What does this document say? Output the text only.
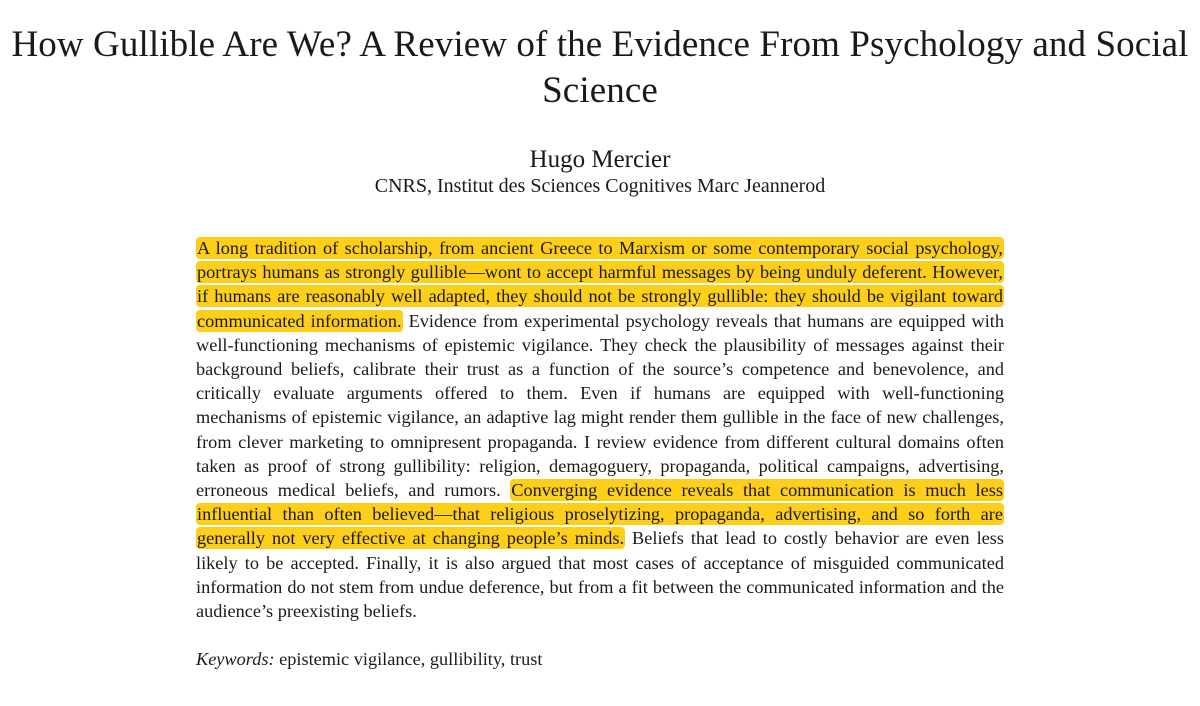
How Gullible Are We? A Review of the Evidence From Psychology and Social Science
Hugo Mercier
CNRS, Institut des Sciences Cognitives Marc Jeannerod

A long tradition of scholarship, from ancient Greece to Marxism or some contemporary social psychology, portrays humans as strongly gullible—wont to accept harmful messages by being unduly deferent. However, if humans are reasonably well adapted, they should not be strongly gullible: they should be vigilant toward communicated information. Evidence from experimental psychology reveals that humans are equipped with well-functioning mechanisms of epistemic vigilance. They check the plausibility of messages against their background beliefs, calibrate their trust as a function of the source’s competence and benevolence, and critically evaluate arguments offered to them. Even if humans are equipped with well-functioning mechanisms of epistemic vigilance, an adaptive lag might render them gullible in the face of new challenges, from clever marketing to omnipresent propaganda. I review evidence from different cultural domains often taken as proof of strong gullibility: religion, demagoguery, propaganda, political campaigns, advertising, erroneous medical beliefs, and rumors. Converging evidence reveals that communication is much less influential than often believed—that religious proselytizing, propaganda, advertising, and so forth are generally not very effective at changing people’s minds. Beliefs that lead to costly behavior are even less likely to be accepted. Finally, it is also argued that most cases of acceptance of misguided communicated information do not stem from undue deference, but from a fit between the communicated information and the audience’s preexisting beliefs.

Keywords: epistemic vigilance, gullibility, trust
